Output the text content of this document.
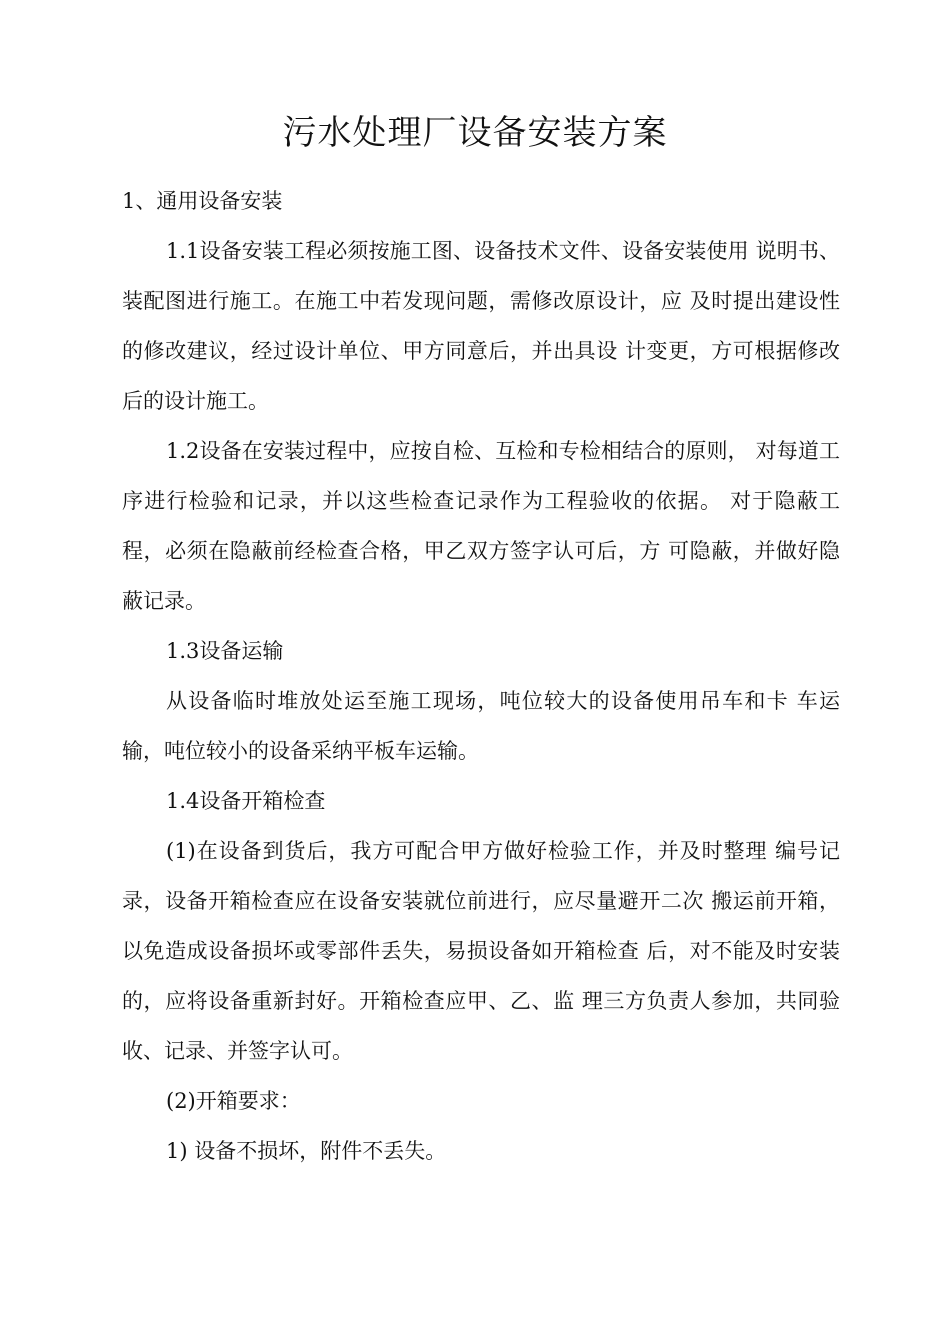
污水处理厂设备安装方案

1、通用设备安装

1.1设备安装工程必须按施工图、设备技术文件、设备安装使用 说明书、装配图进行施工。在施工中若发现问题，需修改原设计，应 及时提出建设性的修改建议，经过设计单位、甲方同意后，并出具设 计变更，方可根据修改后的设计施工。

1.2设备在安装过程中，应按自检、互检和专检相结合的原则， 对每道工序进行检验和记录，并以这些检查记录作为工程验收的依据。 对于隐蔽工程，必须在隐蔽前经检查合格，甲乙双方签字认可后，方 可隐蔽，并做好隐蔽记录。

1.3设备运输

从设备临时堆放处运至施工现场，吨位较大的设备使用吊车和卡 车运输，吨位较小的设备采纳平板车运输。

1.4设备开箱检查

(1)在设备到货后，我方可配合甲方做好检验工作，并及时整理 编号记录，设备开箱检查应在设备安装就位前进行，应尽量避开二次 搬运前开箱，以免造成设备损坏或零部件丢失，易损设备如开箱检查 后，对不能及时安装的，应将设备重新封好。开箱检查应甲、乙、监 理三方负责人参加，共同验收、记录、并签字认可。

(2)开箱要求：

1) 设备不损坏，附件不丢失。
